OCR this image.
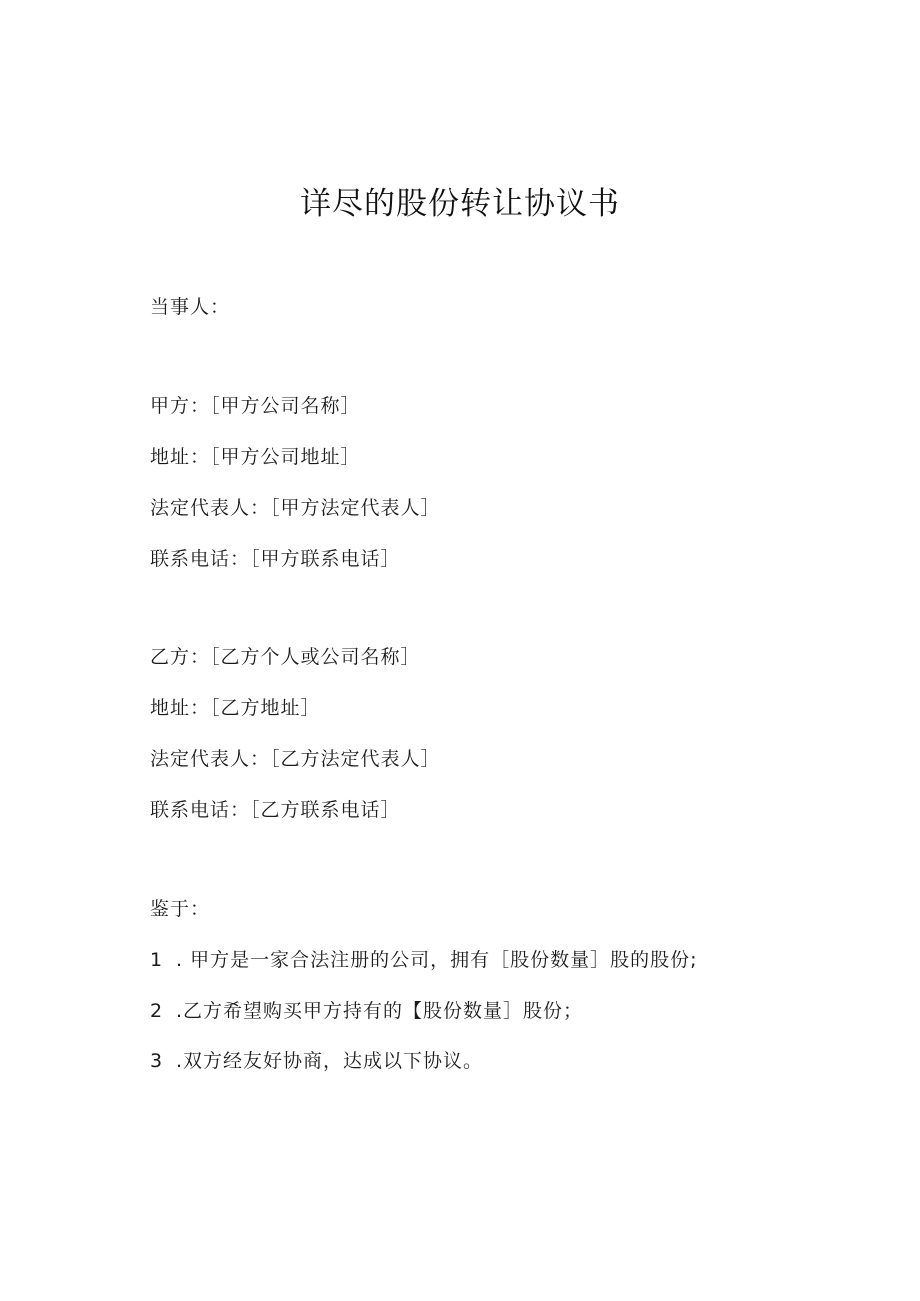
详尽的股份转让协议书
当事人：
甲方：［甲方公司名称］
地址：［甲方公司地址］
法定代表人：［甲方法定代表人］
联系电话：［甲方联系电话］
乙方：［乙方个人或公司名称］
地址：［乙方地址］
法定代表人：［乙方法定代表人］
联系电话：［乙方联系电话］
鉴于：
1 . 甲方是一家合法注册的公司，拥有［股份数量］股的股份;
2 .乙方希望购买甲方持有的【股份数量］股份；
3 .双方经友好协商，达成以下协议。
